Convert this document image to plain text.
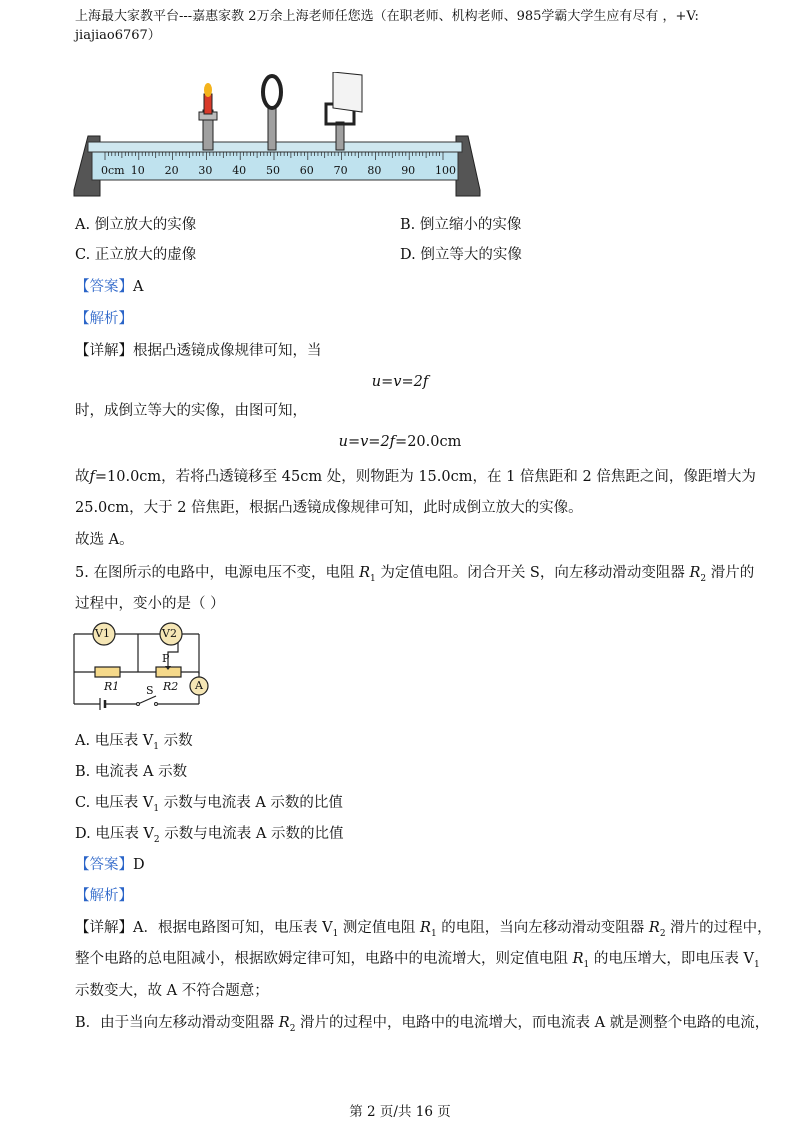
上海最大家教平台---嘉惠家教 2万余上海老师任您选（在职老师、机构老师、985学霸大学生应有尽有 ，+V:
jiajiao6767）
0cm 10 20 30 40 50 60 70 80 90 100
A. 倒立放大的实像	B. 倒立缩小的实像
C. 正立放大的虚像	D. 倒立等大的实像
【答案】A
【解析】
【详解】根据凸透镜成像规律可知，当
u=v=2f
时，成倒立等大的实像，由图可知，
u=v=2f=20.0cm
故f=10.0cm，若将凸透镜移至 45cm 处，则物距为 15.0cm，在 1 倍焦距和 2 倍焦距之间，像距增大为
25.0cm，大于 2 倍焦距，根据凸透镜成像规律可知，此时成倒立放大的实像。
故选 A。
5. 在图所示的电路中，电源电压不变，电阻 $R_1$ 为定值电阻。闭合开关 S，向左移动滑动变阻器 $R_2$ 滑片的
过程中，变小的是（ ）
V1	V2
A
P
R1	R2
S
A. 电压表 $V_1$ 示数
B. 电流表 A 示数
C. 电压表 $V_1$ 示数与电流表 A 示数的比值
D. 电压表 $V_2$ 示数与电流表 A 示数的比值
【答案】D
【解析】
【详解】A．根据电路图可知，电压表 $V_1$ 测定值电阻 $R_1$ 的电阻，当向左移动滑动变阻器 $R_2$ 滑片的过程中，
整个电路的总电阻减小，根据欧姆定律可知，电路中的电流增大，则定值电阻 $R_1$ 的电压增大，即电压表 $V_1$
示数变大，故 A 不符合题意；
B．由于当向左移动滑动变阻器 $R_2$ 滑片的过程中，电路中的电流增大，而电流表 A 就是测整个电路的电流，
第 2 页/共 16 页
